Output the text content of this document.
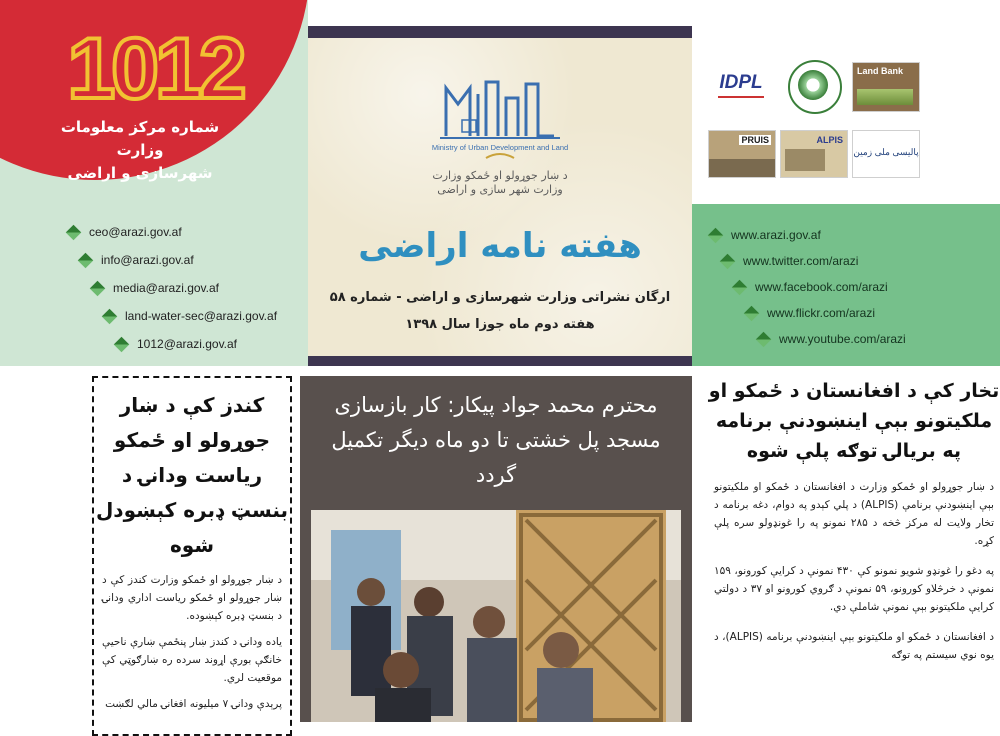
1012
شماره مرکز معلومات وزارت
شهرسازی و اراضی
ceo@arazi.gov.af
info@arazi.gov.af
media@arazi.gov.af
land-water-sec@arazi.gov.af
1012@arazi.gov.af
Ministry of Urban Development and Land
د ښار جوړولو او ځمکو وزارت
وزارت شهر سازی و اراضی
هفته نامه اراضی
ارگان نشراتی وزارت شهرسازی و اراضی - شماره ۵۸
هفته دوم ماه جوزا سال ۱۳۹۸
IDPL
Land Bank
PRUIS	ALPIS
پالیسی ملی زمین
www.arazi.gov.af
www.twitter.com/arazi
www.facebook.com/arazi
www.flickr.com/arazi
www.youtube.com/arazi
کندز کې د ښار جوړولو او ځمکو ریاست ودانۍ د بنسټ ډبره کېښودل شوه

د ښار جوړولو او ځمکو وزارت کندز کې د ښار جوړولو او ځمکو ریاست اداري ودانۍ د بنسټ ډبره کېښوده.

یاده ودانۍ د کندز ښار پنځمې ښارې ناحیې خانګې بورې اړوند سرده ره ښارګوټي کې موقعیت لري.

پرېدې ودانۍ ۷ میلیونه افغانۍ مالي لګښت

محترم محمد جواد پیکار: کار بازسازی مسجد پل خشتی تا دو ماه دیگر تکمیل گردد
تخار کې د افغانستان د ځمکو او ملکیتونو بېې اینښودنې برنامه په بریالۍ توګه پلې شوه

د ښار جوړولو او ځمکو وزارت د افغانستان د ځمکو او ملکیتونو بېې اینښودنې برنامې (ALPIS) د پلي کېدو په دوام، دغه برنامه د تخار ولایت له مرکز څخه د ۲۸۵ نمونو په را غونډولو سره پلې کړه.

په دغو را غونډو شویو نمونو کې ۴۳۰ نمونې د کرایې کورونو، ۱۵۹ نمونې د خرڅلاو کورونو، ۵۹ نمونې د ګروي کورونو او ۳۷ د دولتي کرایې ملکیتونو بېې نمونې شاملې دي.

د افغانستان د ځمکو او ملکیتونو بېې اینښودنې برنامه (ALPIS)، د یوه نوي سیستم په توګه
